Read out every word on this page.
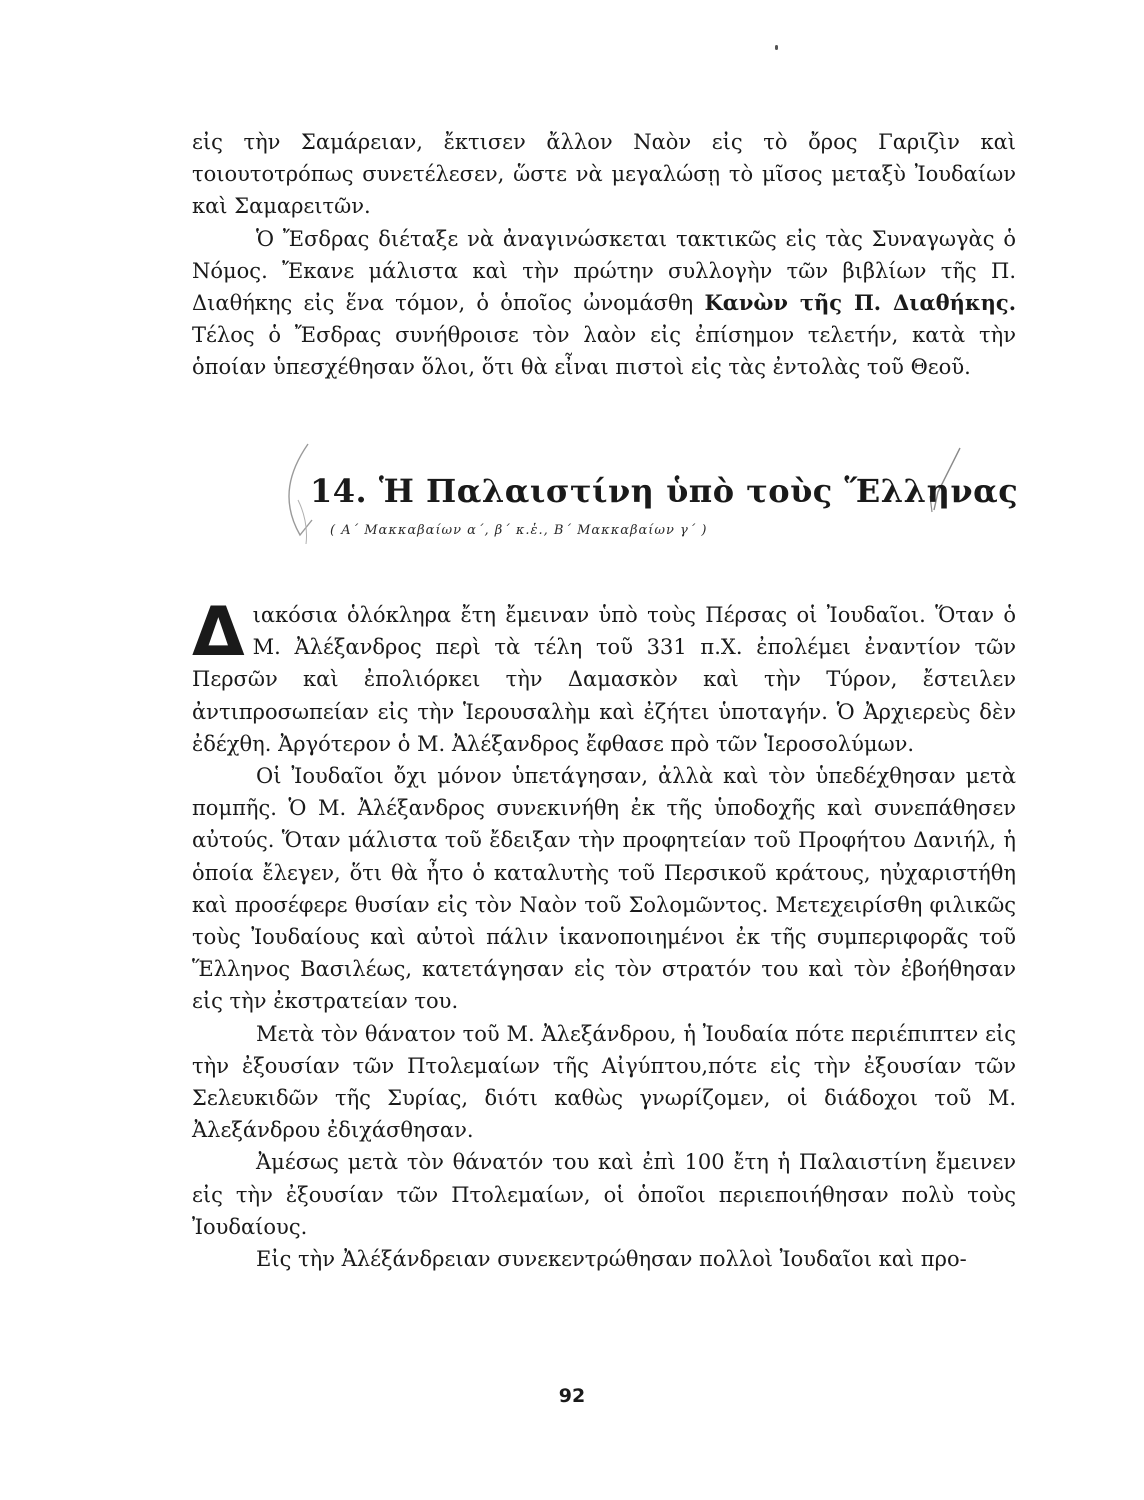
εἰς τὴν Σαμάρειαν, ἔκτισεν ἄλλον Ναὸν εἰς τὸ ὄρος Γαριζὶν καὶ τοιουτοτρόπως συνετέλεσεν, ὥστε νὰ μεγαλώσῃ τὸ μῖσος μεταξὺ Ἰουδαίων καὶ Σαμαρειτῶν.

Ὁ Ἔσδρας διέταξε νὰ ἀναγινώσκεται τακτικῶς εἰς τὰς Συναγωγὰς ὁ Νόμος. Ἔκανε μάλιστα καὶ τὴν πρώτην συλλογὴν τῶν βιβλίων τῆς Π. Διαθήκης εἰς ἕνα τόμον, ὁ ὁποῖος ὠνομάσθη Κανὼν τῆς Π. Διαθήκης. Τέλος ὁ Ἔσδρας συνήθροισε τὸν λαὸν εἰς ἐπίσημον τελετήν, κατὰ τὴν ὁποίαν ὑπεσχέθησαν ὅλοι, ὅτι θὰ εἶναι πιστοὶ εἰς τὰς ἐντολὰς τοῦ Θεοῦ.

14. Ἡ Παλαιστίνη ὑπὸ τοὺς Ἕλληνας
( Α΄ Μακκαβαίων α΄, β΄ κ.ἑ., Β΄ Μακκαβαίων γ΄ )

Διακόσια ὁλόκληρα ἔτη ἔμειναν ὑπὸ τοὺς Πέρσας οἱ Ἰουδαῖοι. Ὅταν ὁ Μ. Ἀλέξανδρος περὶ τὰ τέλη τοῦ 331 π.Χ. ἐπολέμει ἐναντίον τῶν Περσῶν καὶ ἐπολιόρκει τὴν Δαμασκὸν καὶ τὴν Τύρον, ἔστειλεν ἀντιπροσωπείαν εἰς τὴν Ἱερουσαλὴμ καὶ ἐζήτει ὑποταγήν. Ὁ Ἀρχιερεὺς δὲν ἐδέχθη. Ἀργότερον ὁ Μ. Ἀλέξανδρος ἔφθασε πρὸ τῶν Ἱεροσολύμων.

Οἱ Ἰουδαῖοι ὄχι μόνον ὑπετάγησαν, ἀλλὰ καὶ τὸν ὑπεδέχθησαν μετὰ πομπῆς. Ὁ Μ. Ἀλέξανδρος συνεκινήθη ἐκ τῆς ὑποδοχῆς καὶ συνεπάθησεν αὐτούς. Ὅταν μάλιστα τοῦ ἔδειξαν τὴν προφητείαν τοῦ Προφήτου Δανιήλ, ἡ ὁποία ἔλεγεν, ὅτι θὰ ἦτο ὁ καταλυτὴς τοῦ Περσικοῦ κράτους, ηὐχαριστήθη καὶ προσέφερε θυσίαν εἰς τὸν Ναὸν τοῦ Σολομῶντος. Μετεχειρίσθη φιλικῶς τοὺς Ἰουδαίους καὶ αὐτοὶ πάλιν ἱκανοποιημένοι ἐκ τῆς συμπεριφορᾶς τοῦ Ἕλληνος Βασιλέως, κατετάγησαν εἰς τὸν στρατόν του καὶ τὸν ἐβοήθησαν εἰς τὴν ἐκστρατείαν του.

Μετὰ τὸν θάνατον τοῦ Μ. Ἀλεξάνδρου, ἡ Ἰουδαία πότε περιέπιπτεν εἰς τὴν ἐξουσίαν τῶν Πτολεμαίων τῆς Αἰγύπτου,πότε εἰς τὴν ἐξουσίαν τῶν Σελευκιδῶν τῆς Συρίας, διότι καθὼς γνωρίζομεν, οἱ διάδοχοι τοῦ Μ. Ἀλεξάνδρου ἐδιχάσθησαν.

Ἀμέσως μετὰ τὸν θάνατόν του καὶ ἐπὶ 100 ἔτη ἡ Παλαιστίνη ἔμεινεν εἰς τὴν ἐξουσίαν τῶν Πτολεμαίων, οἱ ὁποῖοι περιεποιήθησαν πολὺ τοὺς Ἰουδαίους.

Εἰς τὴν Ἀλέξάνδρειαν συνεκεντρώθησαν πολλοὶ Ἰουδαῖοι καὶ προ-

92
